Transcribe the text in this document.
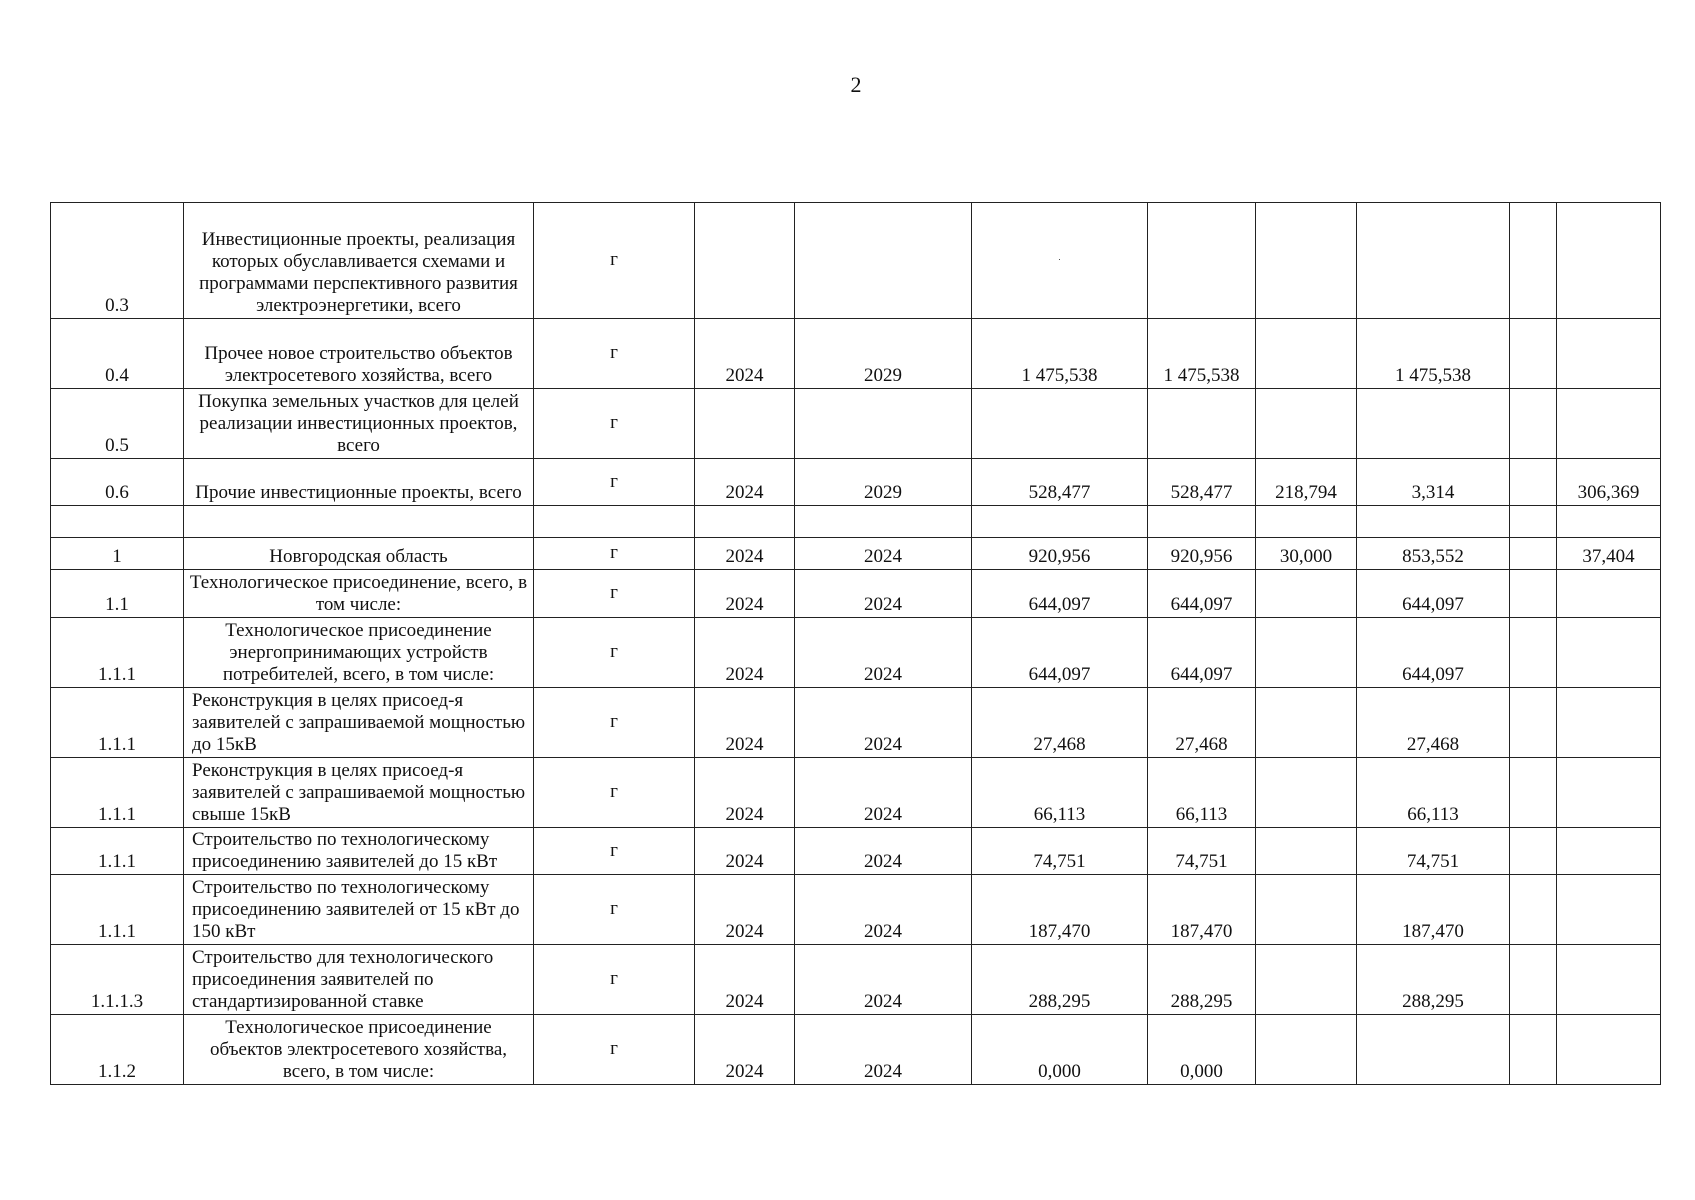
2
0.3	Инвестиционные проекты, реализация которых обуславливается схемами и программами перспективного развития электроэнергетики, всего	г			·					
0.4	Прочее новое строительство объектов электросетевого хозяйства, всего	г	2024	2029	1 475,538	1 475,538		1 475,538		
0.5	Покупка земельных участков для целей реализации инвестиционных проектов, всего	г								
0.6	Прочие инвестиционные проекты, всего	г	2024	2029	528,477	528,477	218,794	3,314		306,369

1	Новгородская область	г	2024	2024	920,956	920,956	30,000	853,552		37,404
1.1	Технологическое присоединение, всего, в том числе:	г	2024	2024	644,097	644,097		644,097		
1.1.1	Технологическое присоединение энергопринимающих устройств потребителей, всего, в том числе:	г	2024	2024	644,097	644,097		644,097		
1.1.1	Реконструкция в целях присоед-я заявителей с запрашиваемой мощностью до 15кВ	г	2024	2024	27,468	27,468		27,468		
1.1.1	Реконструкция в целях присоед-я заявителей с запрашиваемой мощностью свыше 15кВ	г	2024	2024	66,113	66,113		66,113		
1.1.1	Строительство по технологическому присоединению заявителей до 15 кВт	г	2024	2024	74,751	74,751		74,751		
1.1.1	Строительство по технологическому присоединению заявителей от 15 кВт до 150 кВт	г	2024	2024	187,470	187,470		187,470		
1.1.1.3	Строительство для технологического присоединения заявителей по стандартизированной ставке	г	2024	2024	288,295	288,295		288,295		
1.1.2	Технологическое присоединение объектов электросетевого хозяйства, всего, в том числе:	г	2024	2024	0,000	0,000				
